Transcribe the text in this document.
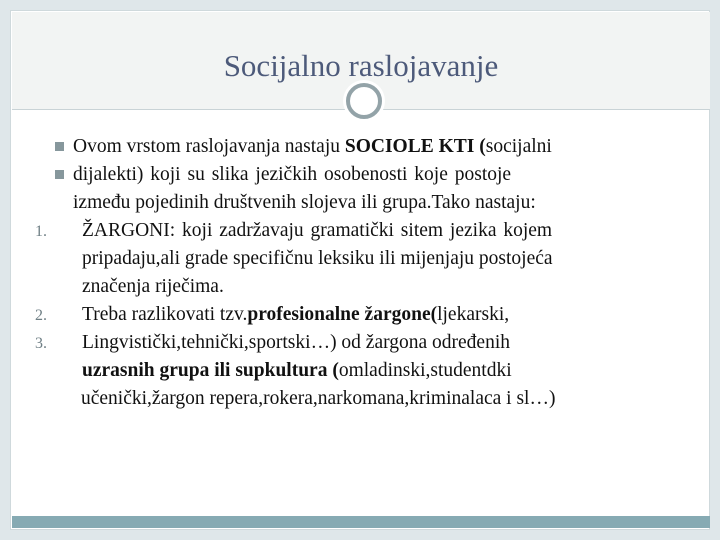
Socijalno raslojavanje
Ovom vrstom raslojavanja nastaju SOCIOLE KTI (socijalni
dijalekti) koji su slika jezičkih osobenosti koje postoje
između pojedinih društvenih slojeva ili grupa.Tako nastaju:
1. ŽARGONI: koji zadržavaju gramatički sitem jezika kojem
pripadaju,ali grade specifičnu leksiku ili mijenjaju postojeća
značenja riječima.
2. Treba razlikovati tzv.profesionalne žargone(ljekarski,
3. Lingvistički,tehnički,sportski…) od žargona određenih
uzrasnih grupa ili supkultura (omladinski,studentdki
učenički,žargon repera,rokera,narkomana,kriminalaca i sl…)
